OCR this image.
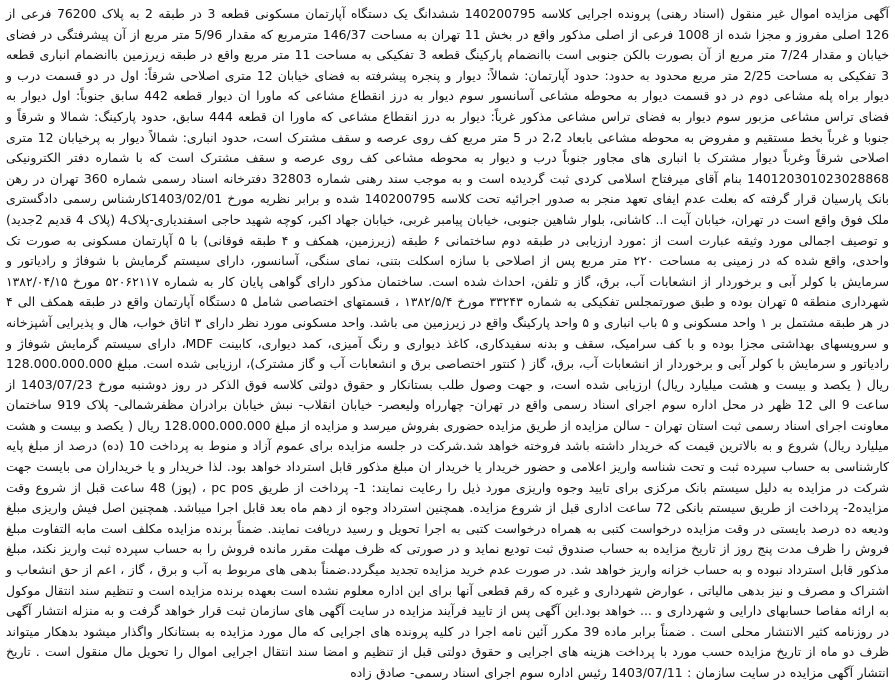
آگهی مزایده اموال غیر منقول (اسناد رهنی) پرونده اجرایی کلاسه 140200795 ششدانگ یک دستگاه آپارتمان مسکونی قطعه 3 در طبقه 2 به پلاک 76200 فرعی از 126 اصلی مفروز و مجزا شده از 1008 فرعی از اصلی مذکور واقع در بخش 11 تهران به مساحت 146/37 مترمربع که مقدار 5/96 متر مربع از آن پیشرفتگی در فضای خیابان و مقدار 7/24 متر مربع از آن بصورت بالکن جنوبی است باانضمام پارکینگ قطعه 3 تفکیکی به مساحت 11 متر مربع واقع در طبقه زیرزمین باانضمام انباری قطعه 3 تفکیکی به مساحت 2/25 متر مربع محدود به حدود: حدود آپارتمان: شمالاً: دیوار و پنجره پیشرفته به فضای خیابان 12 متری اصلاحی شرقاً: اول در دو قسمت درب و دیوار براه پله مشاعی دوم در دو قسمت دیوار به محوطه مشاعی آسانسور سوم دیوار به درز انقطاع مشاعی که ماورا ان دیوار قطعه 442 سابق جنوباً: اول دیوار به فضای تراس مشاعی مزبور سوم دیوار به فضای تراس مشاعی مذکور غرباً: دیوار به درز انقطاع مشاعی که ماورا ان قطعه 444 سابق، حدود پارکینگ: شمالا و شرقاً و جنوبا و غرباً بخط مستقیم و مفروض به محوطه مشاعی بابعاد 2،2 در 5 متر مربع کف روی عرصه و سقف مشترک است، حدود انباری: شمالاً دیوار به پرخیابان 12 متری اصلاحی شرقاً وغرباً دیوار مشترک با انباری های مجاور جنوباً درب و دیوار به محوطه مشاعی کف روی عرصه و سقف مشترک است که با شماره دفتر الکترونیکی 140120301023028868 بنام آقای میرفتاح اسلامی کردی ثبت گردیده است و به موجب سند رهنی شماره 32803 دفترخانه اسناد رسمی شماره 360 تهران در رهن بانک پارسیان قرار گرفته که بعلت عدم ایفای تعهد منجر به صدور اجرائیه تحت کلاسه 140200795 شده و برابر نظریه مورخ 1403/02/01کارشناس رسمی دادگستری ملک فوق واقع است در تهران، خیابان آیت ا.. کاشانی، بلوار شاهین جنوبی، خیابان پیامبر غربی، خیابان جهاد اکبر، کوچه شهید حاجی اسفندیاری-پلاک4 (پلاک 4 قدیم 2جدید) و توصیف اجمالی مورد وثیقه عبارت است از :مورد ارزیابی در طبقه دوم ساختمانی ۶ طبقه (زیرزمین، همکف و ۴ طبقه فوقانی) با ۵ آپارتمان مسکونی به صورت تک واحدی، واقع شده که در زمینی به مساحت ۲۲۰ متر مربع پس از اصلاحی با سازه اسکلت بتنی، نمای سنگی، آسانسور، دارای سیستم گرمایش با شوفاژ و رادیاتور و سرمایش با کولر آبی و برخوردار از انشعابات آب، برق، گاز و تلفن، احداث شده است. ساختمان مذکور دارای گواهی پایان کار به شماره ۵۲۰۶۲۱۱۷ مورخ ۱۳۸۲/۰۴/۱۵ شهرداری منطقه ۵ تهران بوده و طبق صورتمجلس تفکیکی به شماره ۳۳۲۴۳ مورخ ۱۳۸۲/۵/۴ ، قسمتهای اختصاصی شامل ۵ دستگاه آپارتمان واقع در طبقه همکف الی ۴ در هر طبقه مشتمل بر ۱ واحد مسکونی و ۵ باب انباری و ۵ واحد پارکینگ واقع در زیرزمین می باشد. واحد مسکونی مورد نظر دارای ۳ اتاق خواب، هال و پذیرایی آشپزخانه و سرویسهای بهداشتی مجزا بوده و با کف سرامیک، سقف و بدنه سفیدکاری، کاغذ دیواری و رنگ آمیزی، کمد دیواری، کابینت MDF، دارای سیستم گرمایش شوفاژ و رادیاتور و سرمایش با کولر آبی و برخوردار از انشعابات آب، برق، گاز ( کنتور اختصاصی برق و انشعابات آب و گاز مشترک)، ارزیابی شده است. مبلغ 128.000.000.000 ریال ( یکصد و بیست و هشت میلیارد ریال) ارزیابی شده است، و جهت وصول طلب بستانکار و حقوق دولتی کلاسه فوق الذکر در روز دوشنبه مورخ 1403/07/23 از ساعت 9 الی 12 ظهر در محل اداره سوم اجرای اسناد رسمی واقع در تهران- چهارراه ولیعصر- خیابان انقلاب- نبش خیابان برادران مظفرشمالی- پلاک 919 ساختمان معاونت اجرای اسناد رسمی ثبت استان تهران - سالن مزایده از طریق مزایده حضوری بفروش میرسد و مزایده از مبلغ 128.000.000.000 ریال ( یکصد و بیست و هشت میلیارد ریال) شروع و به بالاترین قیمت که خریدار داشته باشد فروخته خواهد شد.شرکت در جلسه مزایده برای عموم آزاد و منوط به پرداخت 10 (ده) درصد از مبلغ پایه کارشناسی به حساب سپرده ثبت و تحت شناسه واریز اعلامی و حضور خریدار یا خریدار ان مبلغ مذکور قابل استرداد خواهد بود. لذا خریدار و یا خریداران می بایست جهت شرکت در مزایده به دلیل سیستم بانک مرکزی برای تایید وجوه واریزی مورد ذیل را رعایت نمایند: 1- پرداخت از طریق pc pos ، (پوز) 48 ساعت قبل از شروع وقت مزایده2- پرداخت از طریق سیستم بانکی 72 ساعت اداری قبل از شروع مزایده. همچنین استرداد وجوه از دهم ماه بعد قابل اجرا میباشد. همچنین اصل فیش واریزی مبلغ ودیعه ده درصد بایستی در وقت مزایده درخواست کتبی به همراه درخواست کتبی به اجرا تحویل و رسید دریافت نمایند. ضمناً برنده مزایده مکلف است مابه التفاوت مبلغ فروش را ظرف مدت پنج روز از تاریخ مزایده به حساب صندوق ثبت تودیع نماید و در صورتی که ظرف مهلت مقرر مانده فروش را به حساب سپرده ثبت واریز نکند، مبلغ مذکور قابل استرداد نبوده و به حساب خزانه واریز خواهد شد. در صورت عدم خرید مزایده تجدید میگردد.ضمناً بدهی های مربوط به آب و برق ، گاز ، اعم از حق انشعاب و اشتراک و مصرف و نیز بدهی مالیاتی ، عوارض شهرداری و غیره که رقم قطعی آنها برای این اداره معلوم نشده است بعهده برنده مزایده است و تنظیم سند انتقال موکول به ارائه مفاصا حسابهای دارایی و شهرداری و ... خواهد بود.این آگهی پس از تایید فرآیند مزایده در سایت آگهی های سازمان ثبت قرار خواهد گرفت و به منزله انتشار آگهی در روزنامه کثیر الانتشار محلی است . ضمناً برابر ماده 39 مکرر آئین نامه اجرا در کلیه پرونده های اجرایی که مال مورد مزایده به بستانکار واگذار میشود بدهکار میتواند ظرف دو ماه از تاریخ مزایده حسب مورد با پرداخت هزینه های اجرایی و حقوق دولتی قبل از تنظیم و امضا سند انتقال اجرایی اموال را تحویل مال منقول است . تاریخ انتشار آگهی مزایده در سایت سازمان : 1403/07/11 رئیس اداره سوم اجرای اسناد رسمی- صادق زاده
